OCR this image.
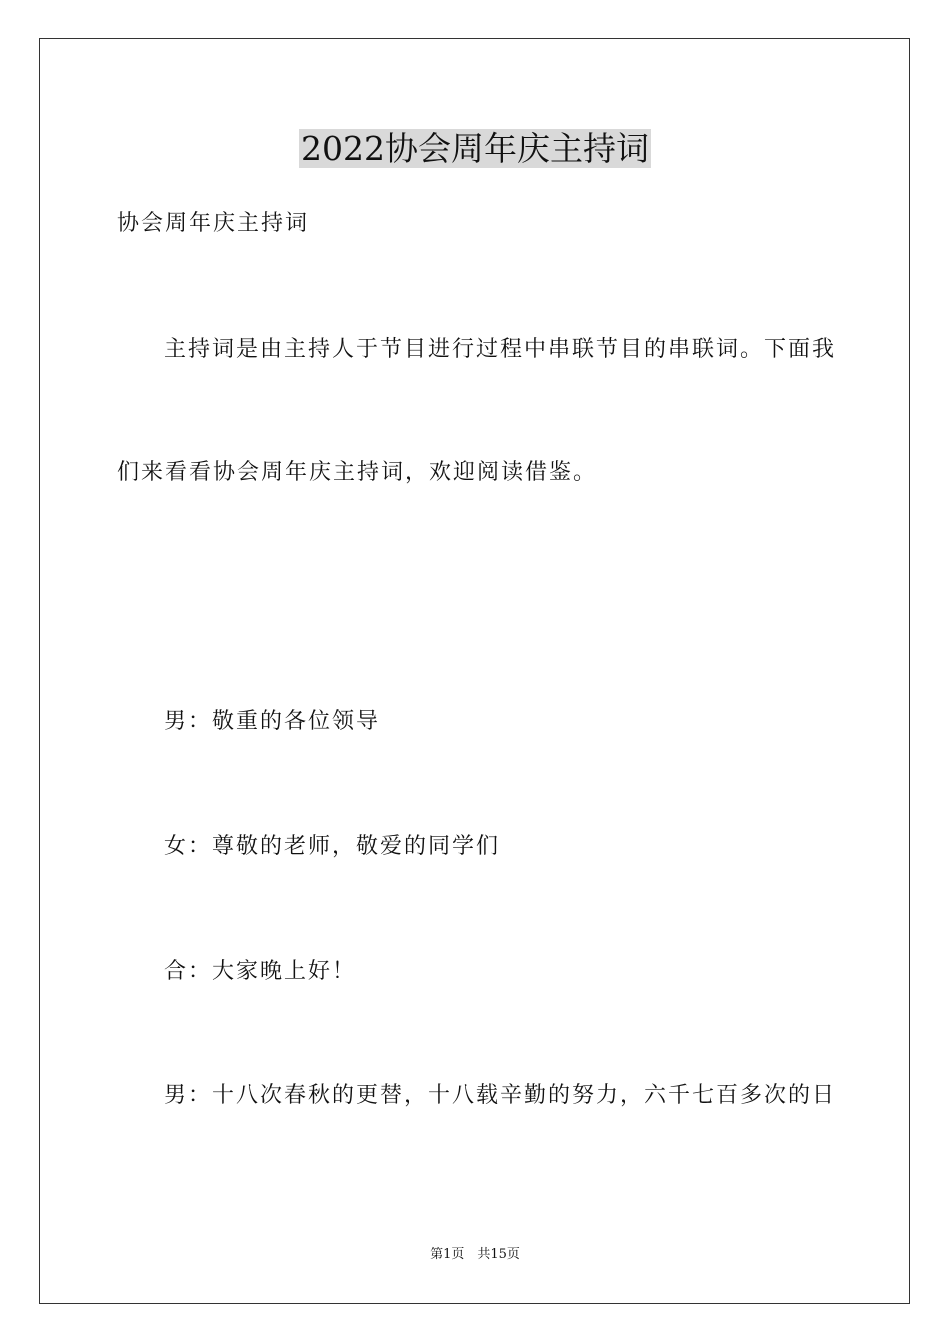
2022协会周年庆主持词
协会周年庆主持词
主持词是由主持人于节目进行过程中串联节目的串联词。下面我
们来看看协会周年庆主持词，欢迎阅读借鉴。
男：敬重的各位领导
女：尊敬的老师，敬爱的同学们
合：大家晚上好！
男：十八次春秋的更替，十八载辛勤的努力，六千七百多次的日
第1页　共15页
